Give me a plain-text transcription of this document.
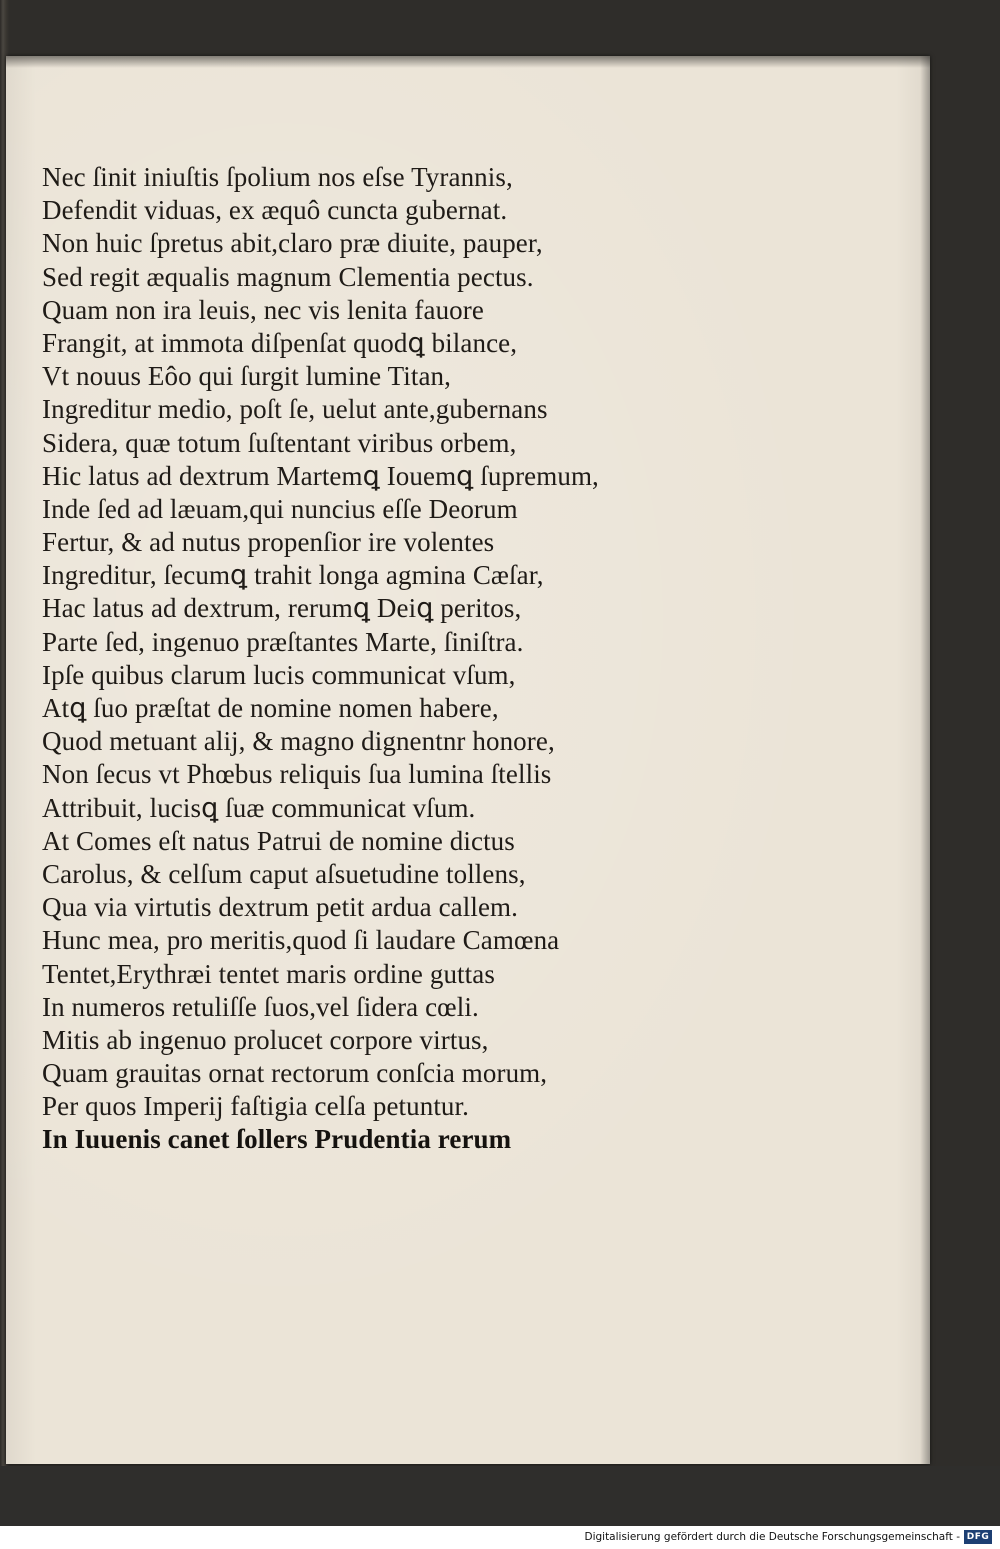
Nec ſinit iniuſtis ſpolium nos eſse Tyrannis,
Defendit viduas, ex æquô cuncta gubernat.
Non huic ſpretus abit,claro præ diuite, pauper,
Sed regit æqualis magnum Clementia pectus.
Quam non ira leuis, nec vis lenita fauore
Frangit, at immota diſpenſat quodꝗ bilance,
Vt nouus Eôo qui ſurgit lumine Titan,
Ingreditur medio, poſt ſe, uelut ante,gubernans
Sidera, quæ totum ſuſtentant viribus orbem,
Hic latus ad dextrum Martemꝗ Iouemꝗ ſupremum,
Inde ſed ad læuam,qui nuncius eſſe Deorum
Fertur, & ad nutus propenſior ire volentes
Ingreditur, ſecumꝗ trahit longa agmina Cæſar,
Hac latus ad dextrum, rerumꝗ Deiꝗ peritos,
Parte ſed, ingenuo præſtantes Marte, ſiniſtra.
Ipſe quibus clarum lucis communicat vſum,
Atꝗ ſuo præſtat de nomine nomen habere,
Quod metuant alij, & magno dignentnr honore,
Non ſecus vt Phœbus reliquis ſua lumina ſtellis
Attribuit, lucisꝗ ſuæ communicat vſum.
At Comes eſt natus Patrui de nomine dictus
Carolus, & celſum caput aſsuetudine tollens,
Qua via virtutis dextrum petit ardua callem.
Hunc mea, pro meritis,quod ſi laudare Camœna
Tentet,Erythræi tentet maris ordine guttas
In numeros retuliſſe ſuos,vel ſidera cœli.
Mitis ab ingenuo prolucet corpore virtus,
Quam grauitas ornat rectorum conſcia morum,
Per quos Imperij faſtigia celſa petuntur.
In Iuuenis canet ſollers Prudentia rerum
Digitalisierung gefördert durch die Deutsche Forschungsgemeinschaft - DFG
